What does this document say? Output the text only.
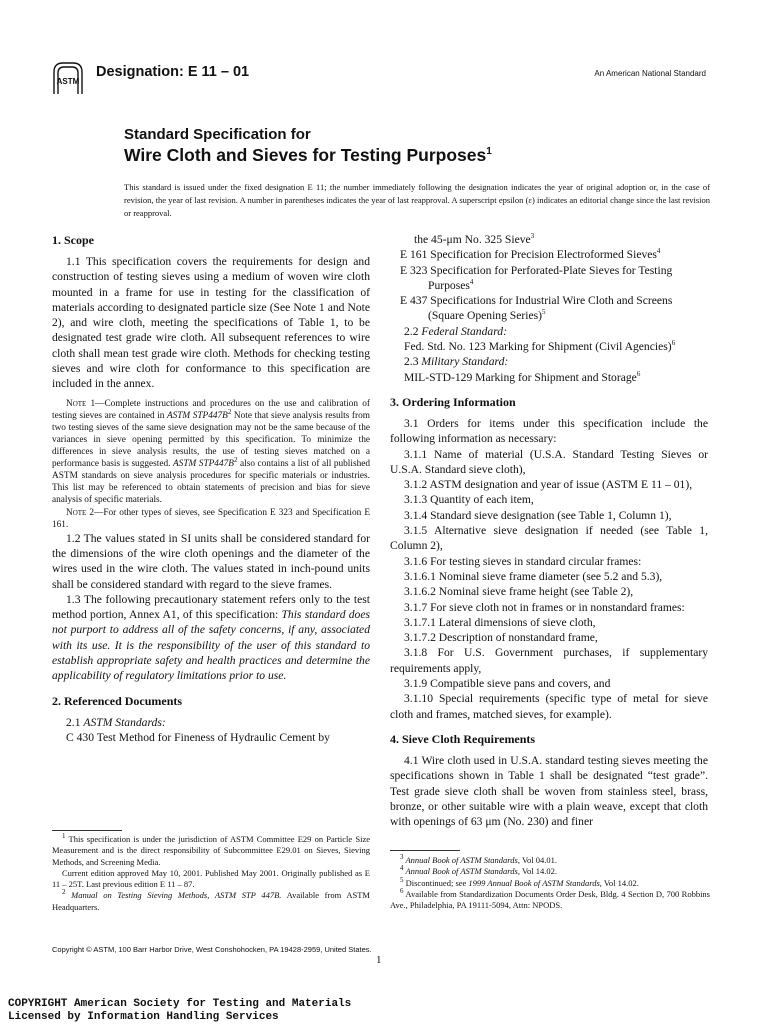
ASTM
Designation: E 11 – 01	An American National Standard
Standard Specification for
Wire Cloth and Sieves for Testing Purposes$^1$
This standard is issued under the fixed designation E 11; the number immediately following the designation indicates the year of original adoption or, in the case of revision, the year of last revision. A number in parentheses indicates the year of last reapproval. A superscript epsilon (ε) indicates an editorial change since the last revision or reapproval.
1. Scope

1.1 This specification covers the requirements for design and construction of testing sieves using a medium of woven wire cloth mounted in a frame for use in testing for the classification of materials according to designated particle size (See Note 1 and Note 2), and wire cloth, meeting the specifications of Table 1, to be designated test grade wire cloth. All subsequent references to wire cloth shall mean test grade wire cloth. Methods for checking testing sieves and wire cloth for conformance to this specification are included in the annex.

Note 1—Complete instructions and procedures on the use and calibration of testing sieves are contained in ASTM $STP447B^2$ Note that sieve analysis results from two testing sieves of the same sieve designation may not be the same because of the variances in sieve opening permitted by this specification. To minimize the differences in sieve analysis results, the use of testing sieves matched on a performance basis is suggested. ASTM $STP447B^2$ also contains a list of all published ASTM standards on sieve analysis procedures for specific materials or industries. This list may be referenced to obtain statements of precision and bias for sieve analysis of specific materials.

Note 2—For other types of sieves, see Specification E 323 and Specification E 161.

1.2 The values stated in SI units shall be considered standard for the dimensions of the wire cloth openings and the diameter of the wires used in the wire cloth. The values stated in inch-pound units shall be considered standard with regard to the sieve frames.

1.3 The following precautionary statement refers only to the test method portion, Annex A1, of this specification: This standard does not purport to address all of the safety concerns, if any, associated with its use. It is the responsibility of the user of this standard to establish appropriate safety and health practices and determine the applicability of regulatory limitations prior to use.

2. Referenced Documents

2.1 ASTM Standards:

C 430 Test Method for Fineness of Hydraulic Cement by

the 45-μm No. 325 Sieve$^3$

E 161 Specification for Precision Electroformed Sieves$^4$

E 323 Specification for Perforated-Plate Sieves for Testing Purposes$^4$

E 437 Specifications for Industrial Wire Cloth and Screens (Square Opening Series)$^5$

2.2 Federal Standard:

Fed. Std. No. 123 Marking for Shipment (Civil Agencies)$^6$

2.3 Military Standard:

MIL-STD-129 Marking for Shipment and Storage$^6$

3. Ordering Information

3.1 Orders for items under this specification include the following information as necessary:

3.1.1 Name of material (U.S.A. Standard Testing Sieves or U.S.A. Standard sieve cloth),

3.1.2 ASTM designation and year of issue (ASTM E 11 – 01),

3.1.3 Quantity of each item,

3.1.4 Standard sieve designation (see Table 1, Column 1),

3.1.5 Alternative sieve designation if needed (see Table 1, Column 2),

3.1.6 For testing sieves in standard circular frames:

3.1.6.1 Nominal sieve frame diameter (see 5.2 and 5.3),

3.1.6.2 Nominal sieve frame height (see Table 2),

3.1.7 For sieve cloth not in frames or in nonstandard frames:

3.1.7.1 Lateral dimensions of sieve cloth,

3.1.7.2 Description of nonstandard frame,

3.1.8 For U.S. Government purchases, if supplementary requirements apply,

3.1.9 Compatible sieve pans and covers, and

3.1.10 Special requirements (specific type of metal for sieve cloth and frames, matched sieves, for example).

4. Sieve Cloth Requirements

4.1 Wire cloth used in U.S.A. standard testing sieves meeting the specifications shown in Table 1 shall be designated “test grade”. Test grade sieve cloth shall be woven from stainless steel, brass, bronze, or other suitable wire with a plain weave, except that cloth with openings of 63 μm (No. 230) and finer

$^1$ This specification is under the jurisdiction of ASTM Committee E29 on Particle Size Measurement and is the direct responsibility of Subcommittee E29.01 on Sieves, Sieving Methods, and Screening Media.

Current edition approved May 10, 2001. Published May 2001. Originally published as E 11 – 25T. Last previous edition E 11 – 87.

$^2$ Manual on Testing Sieving Methods, ASTM STP 447B. Available from ASTM Headquarters.

$^3$ Annual Book of ASTM Standards, Vol 04.01.

$^4$ Annual Book of ASTM Standards, Vol 14.02.

$^5$ Discontinued; see 1999 Annual Book of ASTM Standards, Vol 14.02.

$^6$ Available from Standardization Documents Order Desk, Bldg. 4 Section D, 700 Robbins Ave., Philadelphia, PA 19111-5094, Attn: NPODS.

Copyright © ASTM, 100 Barr Harbor Drive, West Conshohocken, PA 19428-2959, United States.
1
COPYRIGHT American Society for Testing and Materials
Licensed by Information Handling Services
